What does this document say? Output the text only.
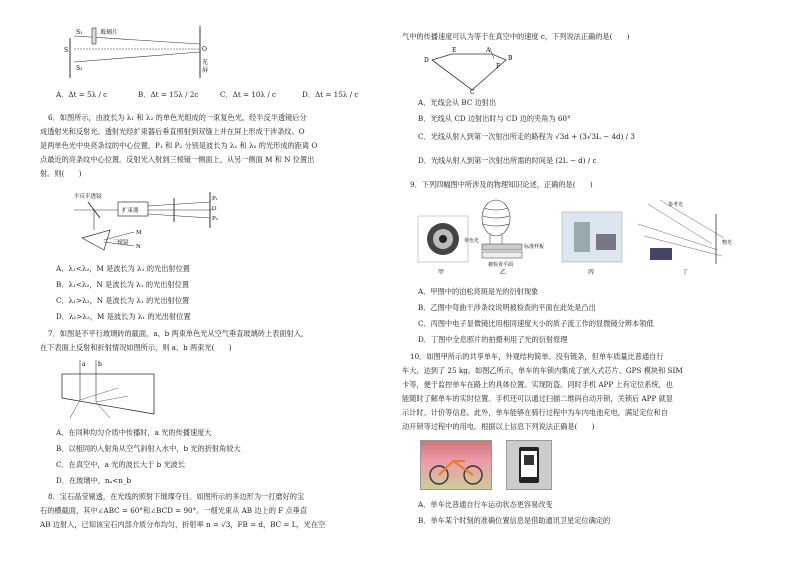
S₁
S
S₂
玻璃片
O
光
屏
A．Δt = 5λ / c	B．Δt = 15λ / 2c	C．Δt = 10λ / c	D．Δt = 15λ / c
6．如图所示，由波长为 λ₁ 和 λ₂ 的单色光组成的一束复色光，经半反半透镜后分
成透射光和反射光。透射光经扩束器后垂直照射到双缝上并在屏上形成干涉条纹。O
是两单色光中央亮条纹的中心位置，P₁ 和 P₂ 分别是波长为 λ₁ 和 λ₂ 的光形成的距离 O
点最近的亮条纹中心位置。反射光入射到三棱镜一侧面上，从另一侧面 M 和 N 位置出
射。则(　　)
半反半透镜
扩束器
三棱镜
M
N
P₁
O
P₂
A．λ₁<λ₂，M 是波长为 λ₁ 的光出射位置
B．λ₁<λ₂，N 是波长为 λ₁ 的光出射位置
C．λ₁>λ₂，N 是波长为 λ₁ 的光出射位置
D．λ₁>λ₂，M 是波长为 λ₁ 的光出射位置
7．如图是不平行玻璃砖的截面，a、b 两束单色光从空气垂直玻璃砖上表面射入，
在下表面上反射和折射情况如图所示，则 a、b 两束光(　　)
a b
A．在同种均匀介质中传播时，a 光的传播速度大
B．以相同的入射角从空气斜射入水中，b 光的折射角较大
C．在真空中，a 光的波长大于 b 光波长
D．在玻璃中，nₐ<n_b
8．宝石晶莹剔透，在光线的照射下璀璨夺目。如图所示的多边形为一打磨好的宝
石的横截面，其中∠ABC = 60°和∠BCD = 90°。一细光束从 AB 边上的 F 点垂直
AB 边射入，已知该宝石内部介质分布均匀，折射率 n = √3，FB = d，BC = L，光在空
气中的传播速度可认为等于在真空中的速度 c，下列说法正确的是(　　)
E	A
B
F
D
C
A．光线会从 BC 边射出
B．光线从 CD 边射出时与 CD 边的夹角为 60°
C．光线从射入到第一次射出所走的路程为 √3d + (3√3L − 4d) / 3
D．光线从射入到第一次射出所需的时间是 (2L − d) / c
9．下列四幅图中所涉及的物理知识论述，正确的是(　　)
甲
标准样板
被检查平面
单色光
乙	丙
参考光
物光
丁
A．甲图中的泊松亮斑是光的衍射现象
B．乙图中弯曲干涉条纹说明被检查的平面在此处是凸出
C．丙图中电子显微镜比用相同速度大小的质子流工作的显微镜分辨本领低
D．丁图中全息照片的拍摄利用了光的衍射原理
10．如图甲所示的共享单车，外观结构简单。没有链条，但单车质量比普通自行
车大，达到了 25 kg。如图乙所示，单车的车锁内集成了嵌入式芯片、GPS 模块和 SIM
卡等，便于监控单车在路上的具体位置。实现防盗。同时手机 APP 上有定位系统，也
能随时了解单车的实时位置。手机还可以通过扫描二维码自动开锁，关锁后 APP 就显
示计时、计价等信息。此外，单车能够在骑行过程中为车内电池充电，满足定位和自
动开锁等过程中的用电。根据以上信息下列说法正确是(　　)
A．单车比普通自行车运动状态更容易改变
B．单车某个时刻的准确位置信息是借助通讯卫星定位确定的
